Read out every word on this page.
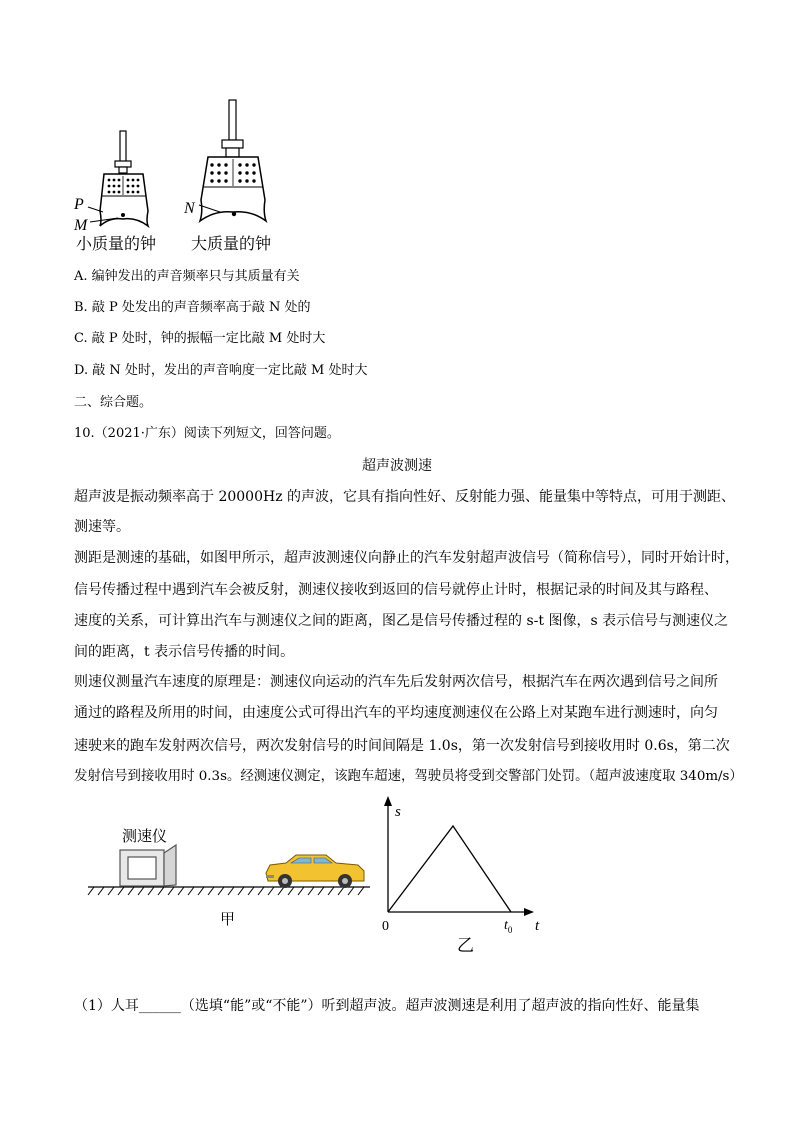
P
M
N
小质量的钟 大质量的钟
A. 编钟发出的声音频率只与其质量有关
B. 敲 P 处发出的声音频率高于敲 N 处的
C. 敲 P 处时，钟的振幅一定比敲 M 处时大
D. 敲 N 处时，发出的声音响度一定比敲 M 处时大
二、综合题。
10.（2021·广东）阅读下列短文，回答问题。
超声波测速
超声波是振动频率高于 20000Hz 的声波，它具有指向性好、反射能力强、能量集中等特点，可用于测距、
测速等。
测距是测速的基础，如图甲所示，超声波测速仪向静止的汽车发射超声波信号（简称信号），同时开始计时，
信号传播过程中遇到汽车会被反射，测速仪接收到返回的信号就停止计时，根据记录的时间及其与路程、
速度的关系，可计算出汽车与测速仪之间的距离，图乙是信号传播过程的 s-t 图像，s 表示信号与测速仪之
间的距离，t 表示信号传播的时间。
则速仪测量汽车速度的原理是：测速仪向运动的汽车先后发射两次信号，根据汽车在两次遇到信号之间所
通过的路程及所用的时间，由速度公式可得出汽车的平均速度测速仪在公路上对某跑车进行测速时，向匀
速驶来的跑车发射两次信号，两次发射信号的时间间隔是 1.0s，第一次发射信号到接收用时 0.6s，第二次
发射信号到接收用时 0.3s。经测速仪测定，该跑车超速，驾驶员将受到交警部门处罚。（超声波速度取 340m/s）
测速仪
甲
s
t
0	$t_0$
乙
（1）人耳______（选填“能”或“不能”）听到超声波。超声波测速是利用了超声波的指向性好、能量集
